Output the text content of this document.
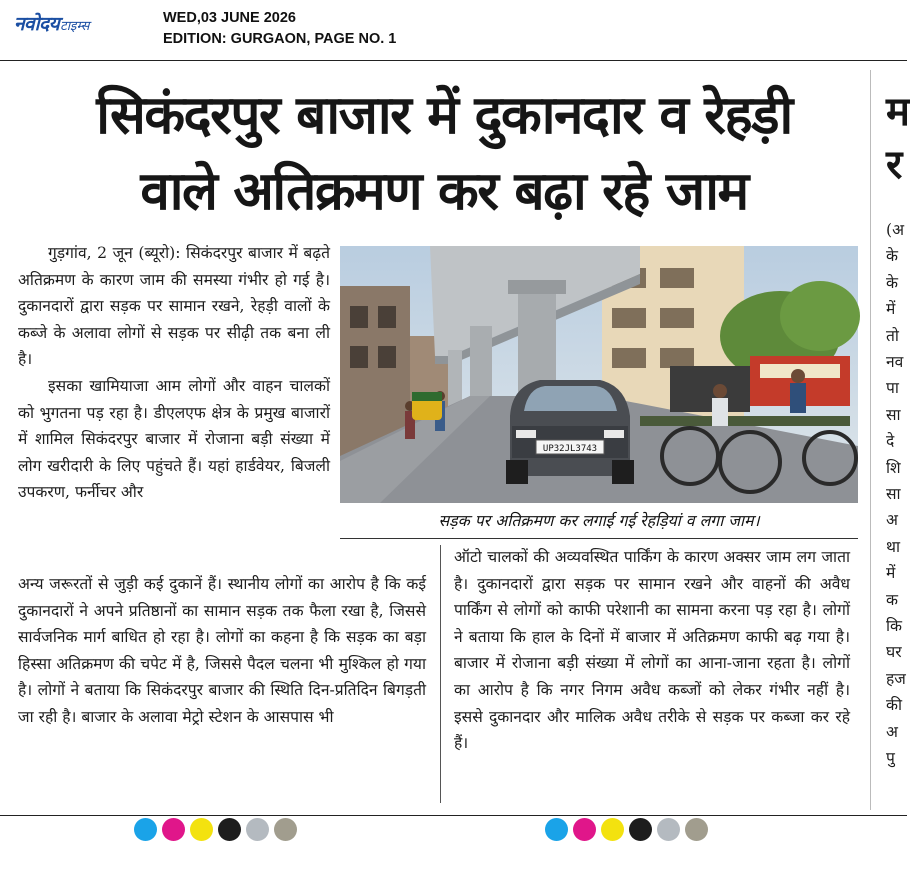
नवोदय टाइम्स
WED,03 JUNE 2026
EDITION: GURGAON, PAGE NO. 1
सिकंदरपुर बाजार में दुकानदार व रेहड़ी
वाले अतिक्रमण कर बढ़ा रहे जाम

गुड़गांव, 2 जून (ब्यूरो): सिकंदरपुर बाजार में बढ़ते अतिक्रमण के कारण जाम की समस्या गंभीर हो गई है। दुकानदारों द्वारा सड़क पर सामान रखने, रेहड़ी वालों के कब्जे के अलावा लोगों से सड़क पर सीढ़ी तक बना ली है।

इसका खामियाजा आम लोगों और वाहन चालकों को भुगतना पड़ रहा है। डीएलएफ क्षेत्र के प्रमुख बाजारों में शामिल सिकंदरपुर बाजार में रोजाना बड़ी संख्या में लोग खरीदारी के लिए पहुंचते हैं। यहां हार्डवेयर, बिजली उपकरण, फर्नीचर और

UP32JL3743
सड़क पर अतिक्रमण कर लगाई गई रेहड़ियां व लगा जाम।
अन्य जरूरतों से जुड़ी कई दुकानें हैं। स्थानीय लोगों का आरोप है कि कई दुकानदारों ने अपने प्रतिष्ठानों का सामान सड़क तक फैला रखा है, जिससे सार्वजनिक मार्ग बाधित हो रहा है। लोगों का कहना है कि सड़क का बड़ा हिस्सा अतिक्रमण की चपेट में है, जिससे पैदल चलना भी मुश्किल हो गया है। लोगों ने बताया कि सिकंदरपुर बाजार की स्थिति दिन-प्रतिदिन बिगड़ती जा रही है। बाजार के अलावा मेट्रो स्टेशन के आसपास भी
ऑटो चालकों की अव्यवस्थित पार्किंग के कारण अक्सर जाम लग जाता है। दुकानदारों द्वारा सड़क पर सामान रखने और वाहनों की अवैध पार्किंग से लोगों को काफी परेशानी का सामना करना पड़ रहा है। लोगों ने बताया कि हाल के दिनों में बाजार में अतिक्रमण काफी बढ़ गया है। बाजार में रोजाना बड़ी संख्या में लोगों का आना-जाना रहता है। लोगों का आरोप है कि नगर निगम अवैध कब्जों को लेकर गंभीर नहीं है। इससे दुकानदार और मालिक अवैध तरीके से सड़क पर कब्जा कर रहे हैं।
म
र
(अ
के
के
में
तो
नव
पा
सा
दे
शि
सा
अ
था
में
क
कि
घर
हज
की
अ
पु
